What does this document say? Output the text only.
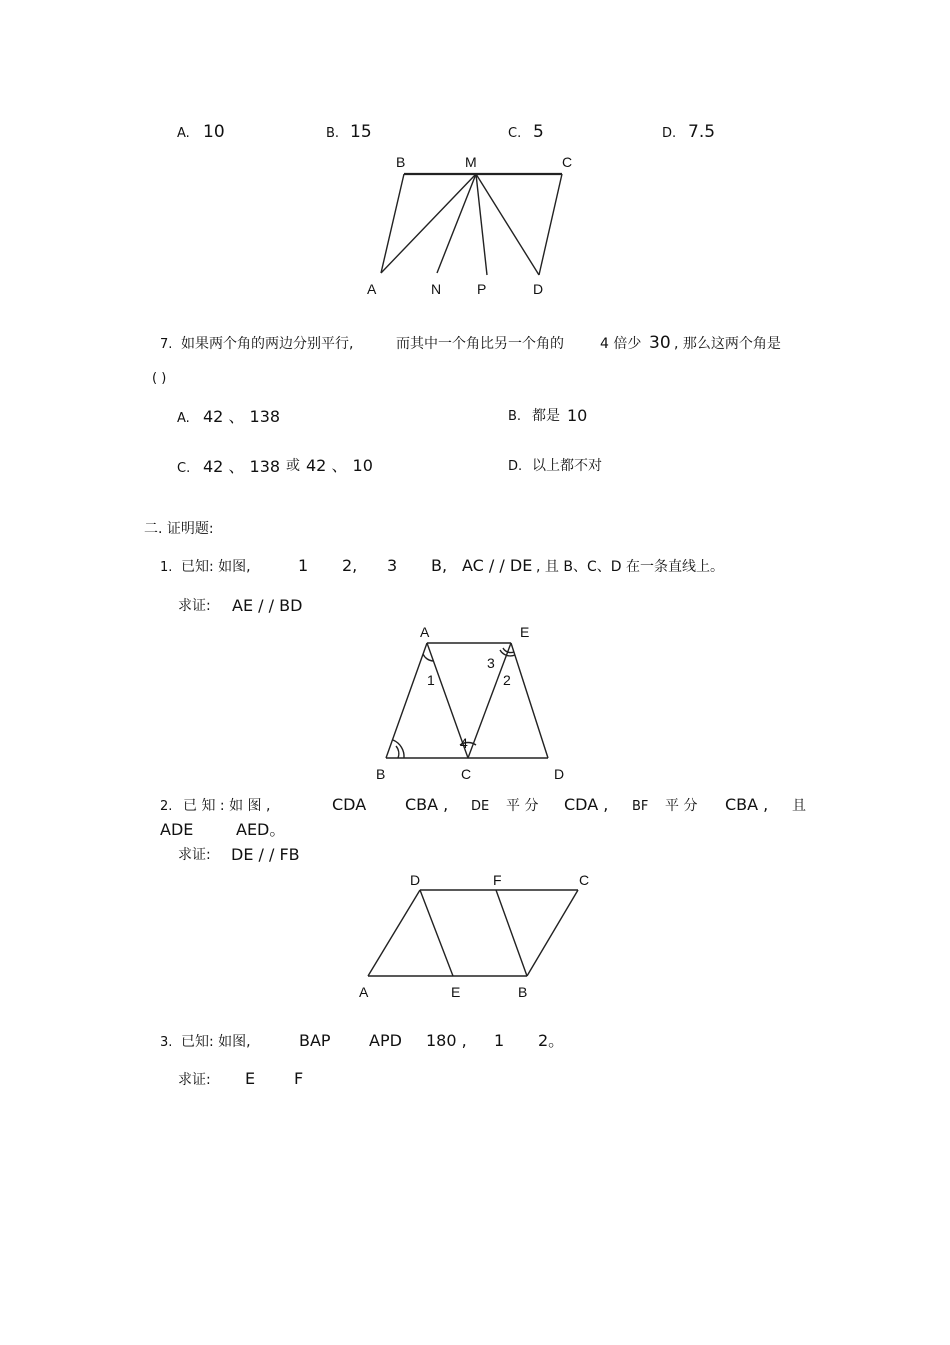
A. 10	B. 15	C. 5	D. 7.5
B	M	C
A	N	P	D
7. 如果两个角的两边分别平行,	而其中一个角比另一个角的	4 倍少 30 , 那么这两个角是
( )
A. 42 、 138	B. 都是 10
C. 42 、 138 或 42 、 10	D. 以上都不对
二. 证明题:
1. 已知: 如图,	1 2, 3 B, AC / / DE , 且 B、C、D 在一条直线上。
求证: AE / / BD
A	E
B	C	D
1	2
3
4
2. 已 知 : 如 图 ,	CDA CBA , DE 平 分 CDA , BF 平 分 CBA , 且
ADE	AED。
求证: DE / / FB
D	F	C
A	E	B
3. 已知: 如图,	BAP APD 180 , 1 2。
求证: E F
